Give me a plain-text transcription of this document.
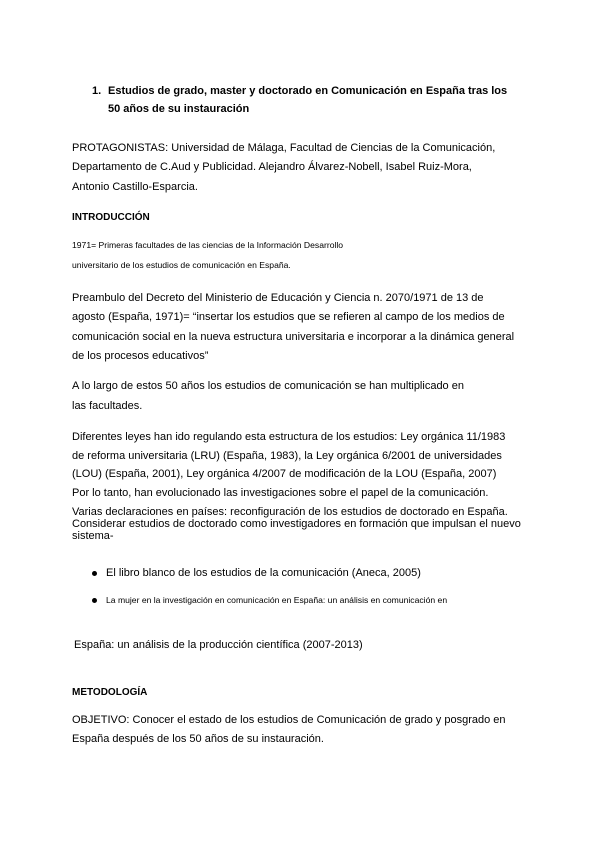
1. Estudios de grado, master y doctorado en Comunicación en España tras los
50 años de su instauración

PROTAGONISTAS: Universidad de Málaga, Facultad de Ciencias de la Comunicación,

Departamento de C.Aud y Publicidad. Alejandro Álvarez-Nobell, Isabel Ruiz-Mora,

Antonio Castillo-Esparcia.

INTRODUCCIÓN

1971= Primeras facultades de las ciencias de la Información Desarrollo

universitario de los estudios de comunicación en España.

Preambulo del Decreto del Ministerio de Educación y Ciencia n. 2070/1971 de 13 de

agosto (España, 1971)= “insertar los estudios que se refieren al campo de los medios de

comunicación social en la nueva estructura universitaria e incorporar a la dinámica general

de los procesos educativos”

A lo largo de estos 50 años los estudios de comunicación se han multiplicado en

las facultades.

Diferentes leyes han ido regulando esta estructura de los estudios: Ley orgánica 11/1983

de reforma universitaria (LRU) (España, 1983), la Ley orgánica 6/2001 de universidades

(LOU) (España, 2001), Ley orgánica 4/2007 de modificación de la LOU (España, 2007)

Por lo tanto, han evolucionado las investigaciones sobre el papel de la comunicación.

Varias declaraciones en países: reconfiguración de los estudios de doctorado en España.

Considerar estudios de doctorado como investigadores en formación que impulsan el nuevo

sistema-

El libro blanco de los estudios de la comunicación (Aneca, 2005)

La mujer en la investigación en comunicación en España: un análisis en comunicación en

España: un análisis de la producción científica (2007-2013)

METODOLOGÍA

OBJETIVO: Conocer el estado de los estudios de Comunicación de grado y posgrado en

España después de los 50 años de su instauración.
